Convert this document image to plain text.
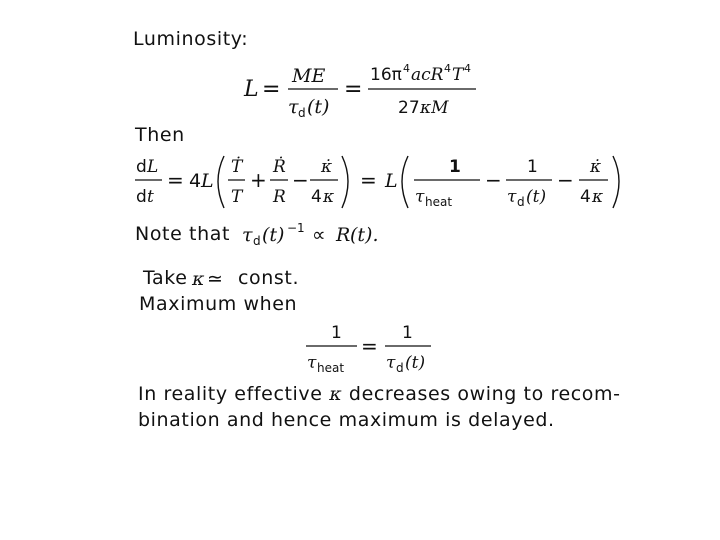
Luminosity:
L =
ME
τ d (t)
=
16π 4 acR 4 T 4
27 κM
Then
d L
d t
= 4 L
Ṫ
T
+
Ṙ
R
−
κ̇
4 κ
= L
1
τ heat
−
1
τ d (t)
−
κ̇
4 κ
Note that τ d (t) −1 ∝ R (t).
Take κ ≃ const.
Maximum when
1
τ heat
=
1
τ d (t)
In reality effective κ decreases owing to recom-
bination and hence maximum is delayed.
